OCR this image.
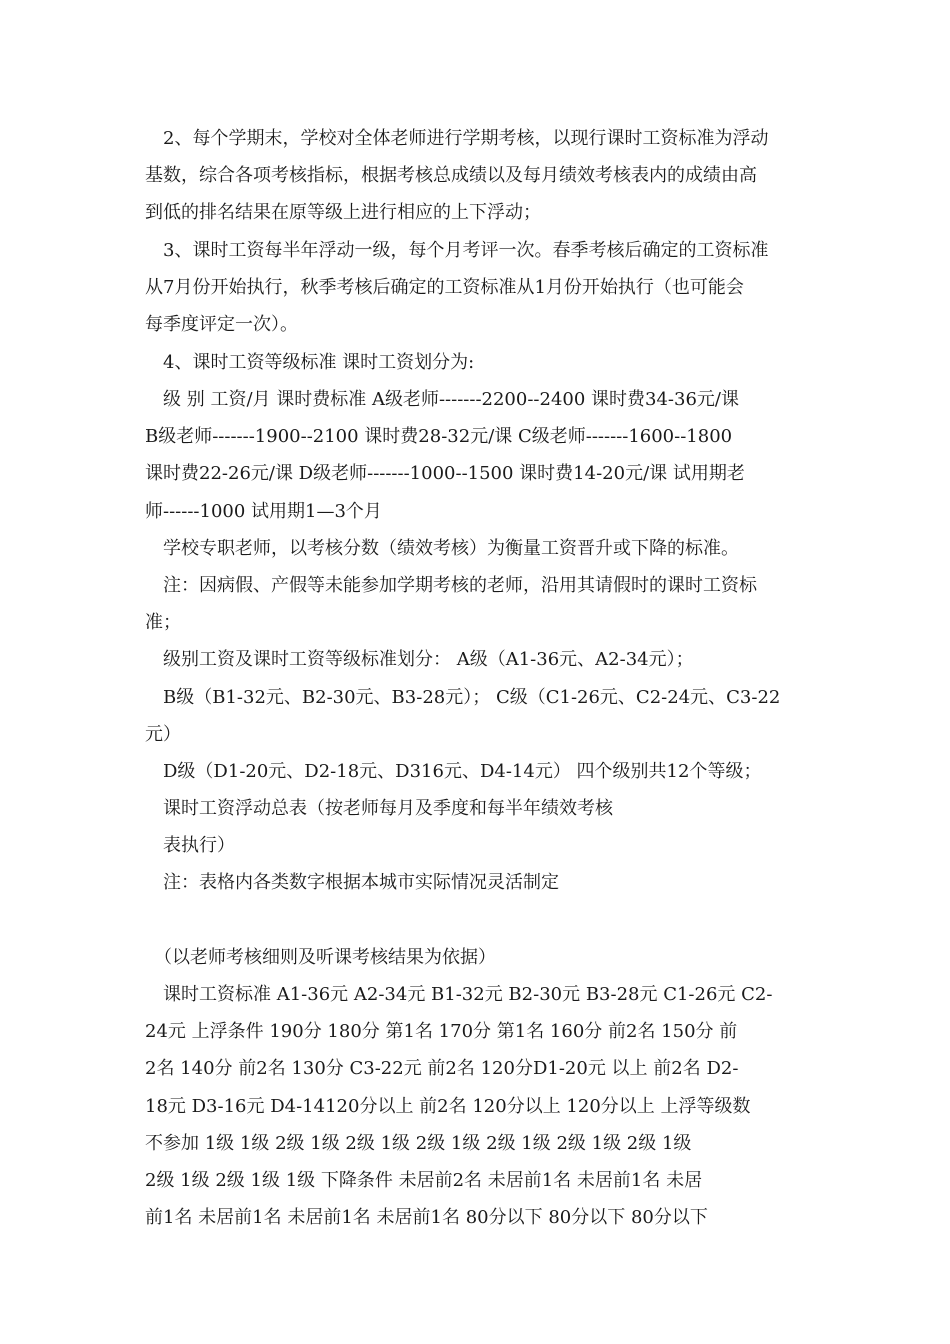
　2、每个学期末，学校对全体老师进行学期考核，以现行课时工资标准为浮动
基数，综合各项考核指标，根据考核总成绩以及每月绩效考核表内的成绩由高
到低的排名结果在原等级上进行相应的上下浮动；
　3、课时工资每半年浮动一级，每个月考评一次。春季考核后确定的工资标准
从7月份开始执行，秋季考核后确定的工资标准从1月份开始执行（也可能会
每季度评定一次）。
　4、课时工资等级标准 课时工资划分为:
　级 别 工资/月 课时费标准 A级老师-------2200--2400 课时费34-36元/课
B级老师-------1900--2100 课时费28-32元/课 C级老师-------1600--1800
课时费22-26元/课 D级老师-------1000--1500 课时费14-20元/课 试用期老
师------1000 试用期1—3个月
　学校专职老师，以考核分数（绩效考核）为衡量工资晋升或下降的标准。
　注：因病假、产假等未能参加学期考核的老师，沿用其请假时的课时工资标
准；
　级别工资及课时工资等级标准划分： A级（A1-36元、A2-34元）；
　B级（B1-32元、B2-30元、B3-28元）； C级（C1-26元、C2-24元、C3-22
元）
　D级（D1-20元、D2-18元、D316元、D4-14元） 四个级别共12个等级；
　课时工资浮动总表（按老师每月及季度和每半年绩效考核
　表执行）
　注：表格内各类数字根据本城市实际情况灵活制定
　（以老师考核细则及听课考核结果为依据）
　课时工资标准 A1-36元 A2-34元 B1-32元 B2-30元 B3-28元 C1-26元 C2-
24元 上浮条件 190分 180分 第1名 170分 第1名 160分 前2名 150分 前
2名 140分 前2名 130分 C3-22元 前2名 120分D1-20元 以上 前2名 D2-
18元 D3-16元 D4-14120分以上 前2名 120分以上 120分以上 上浮等级数
不参加 1级 1级 2级 1级 2级 1级 2级 1级 2级 1级 2级 1级 2级 1级
2级 1级 2级 1级 1级 下降条件 未居前2名 未居前1名 未居前1名 未居
前1名 未居前1名 未居前1名 未居前1名 80分以下 80分以下 80分以下
